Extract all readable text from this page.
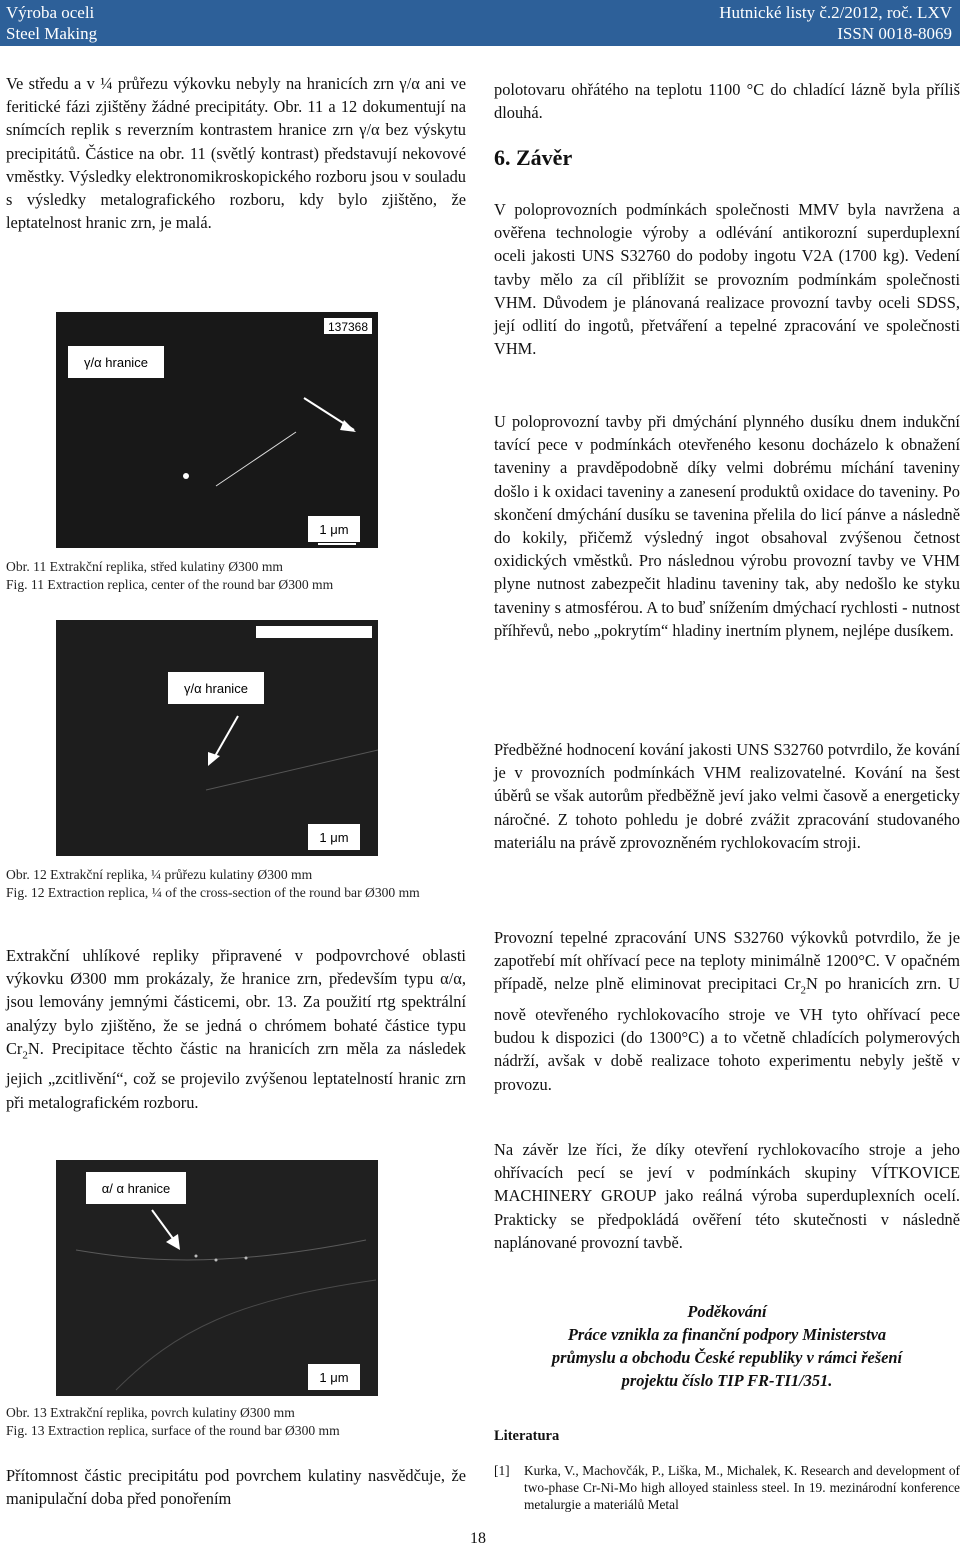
Výroba oceli
Steel Making
Hutnické listy č.2/2012, roč. LXV
ISSN 0018-8069

Ve středu a v ¼ průřezu výkovku nebyly na hranicích zrn γ/α ani ve feritické fázi zjištěny žádné precipitáty. Obr. 11 a 12 dokumentují na snímcích replik s reverzním kontrastem hranice zrn γ/α bez výskytu precipitátů. Částice na obr. 11 (světlý kontrast) představují nekovové vměstky. Výsledky elektronomikroskopického rozboru jsou v souladu s výsledky metalografického rozboru, kdy bylo zjištěno, že leptatelnost hranic zrn, je malá.

137368
γ/α hranice
1 μm
Obr. 11 Extrakční replika, střed kulatiny Ø300 mm
Fig. 11 Extraction replica, center of the round bar Ø300 mm
γ/α hranice
1 μm
Obr. 12 Extrakční replika, ¼ průřezu kulatiny Ø300 mm
Fig. 12 Extraction replica, ¼ of the cross-section of the round bar Ø300 mm

Extrakční uhlíkové repliky připravené v podpovrchové oblasti výkovku Ø300 mm prokázaly, že hranice zrn, především typu α/α, jsou lemovány jemnými částicemi, obr. 13. Za použití rtg spektrální analýzy bylo zjištěno, že se jedná o chrómem bohaté částice typu $Cr_2N$. Precipitace těchto částic na hranicích zrn měla za následek jejich „zcitlivění“, což se projevilo zvýšenou leptatelností hranic zrn při metalografickém rozboru.

α/ α hranice
1 μm
Obr. 13 Extrakční replika, povrch kulatiny Ø300 mm
Fig. 13 Extraction replica, surface of the round bar Ø300 mm

Přítomnost částic precipitátu pod povrchem kulatiny nasvědčuje, že manipulační doba před ponořením

polotovaru ohřátého na teplotu 1100 °C do chladící lázně byla příliš dlouhá.

6. Závěr

V poloprovozních podmínkách společnosti MMV byla navržena a ověřena technologie výroby a odlévání antikorozní superduplexní oceli jakosti UNS S32760 do podoby ingotu V2A (1700 kg). Vedení tavby mělo za cíl přiblížit se provozním podmínkám společnosti VHM. Důvodem je plánovaná realizace provozní tavby oceli SDSS, její odlití do ingotů, přetváření a tepelné zpracování ve společnosti VHM.

U poloprovozní tavby při dmýchání plynného dusíku dnem indukční tavící pece v podmínkách otevřeného kesonu docházelo k obnažení taveniny a pravděpodobně díky velmi dobrému míchání taveniny došlo i k oxidaci taveniny a zanesení produktů oxidace do taveniny. Po skončení dmýchání dusíku se tavenina přelila do licí pánve a následně do kokily, přičemž výsledný ingot obsahoval zvýšenou četnost oxidických vměstků. Pro následnou výrobu provozní tavby ve VHM plyne nutnost zabezpečit hladinu taveniny tak, aby nedošlo ke styku taveniny s atmosférou. A to buď snížením dmýchací rychlosti - nutnost příhřevů, nebo „pokrytím“ hladiny inertním plynem, nejlépe dusíkem.

Předběžné hodnocení kování jakosti UNS S32760 potvrdilo, že kování je v provozních podmínkách VHM realizovatelné. Kování na šest úběrů se však autorům předběžně jeví jako velmi časově a energeticky náročné. Z tohoto pohledu je dobré zvážit zpracování studovaného materiálu na právě zprovozněném rychlokovacím stroji.

Provozní tepelné zpracování UNS S32760 výkovků potvrdilo, že je zapotřebí mít ohřívací pece na teploty minimálně 1200°C. V opačném případě, nelze plně eliminovat precipitaci $Cr_2N$ po hranicích zrn. U nově otevřeného rychlokovacího stroje ve VH tyto ohřívací pece budou k dispozici (do 1300°C) a to včetně chladících polymerových nádrží, avšak v době realizace tohoto experimentu nebyly ještě v provozu.

Na závěr lze říci, že díky otevření rychlokovacího stroje a jeho ohřívacích pecí se jeví v podmínkách skupiny VÍTKOVICE MACHINERY GROUP jako reálná výroba superduplexních ocelí. Prakticky se předpokládá ověření této skutečnosti v následně naplánované provozní tavbě.

Poděkování
Práce vznikla za finanční podpory Ministerstva průmyslu a obchodu České republiky v rámci řešení projektu číslo TIP FR-TI1/351.
Literatura
[1] Kurka, V., Machovčák, P., Liška, M., Michalek, K. Research and development of two-phase Cr-Ni-Mo high alloyed stainless steel. In 19. mezinárodní konference metalurgie a materiálů Metal
18
